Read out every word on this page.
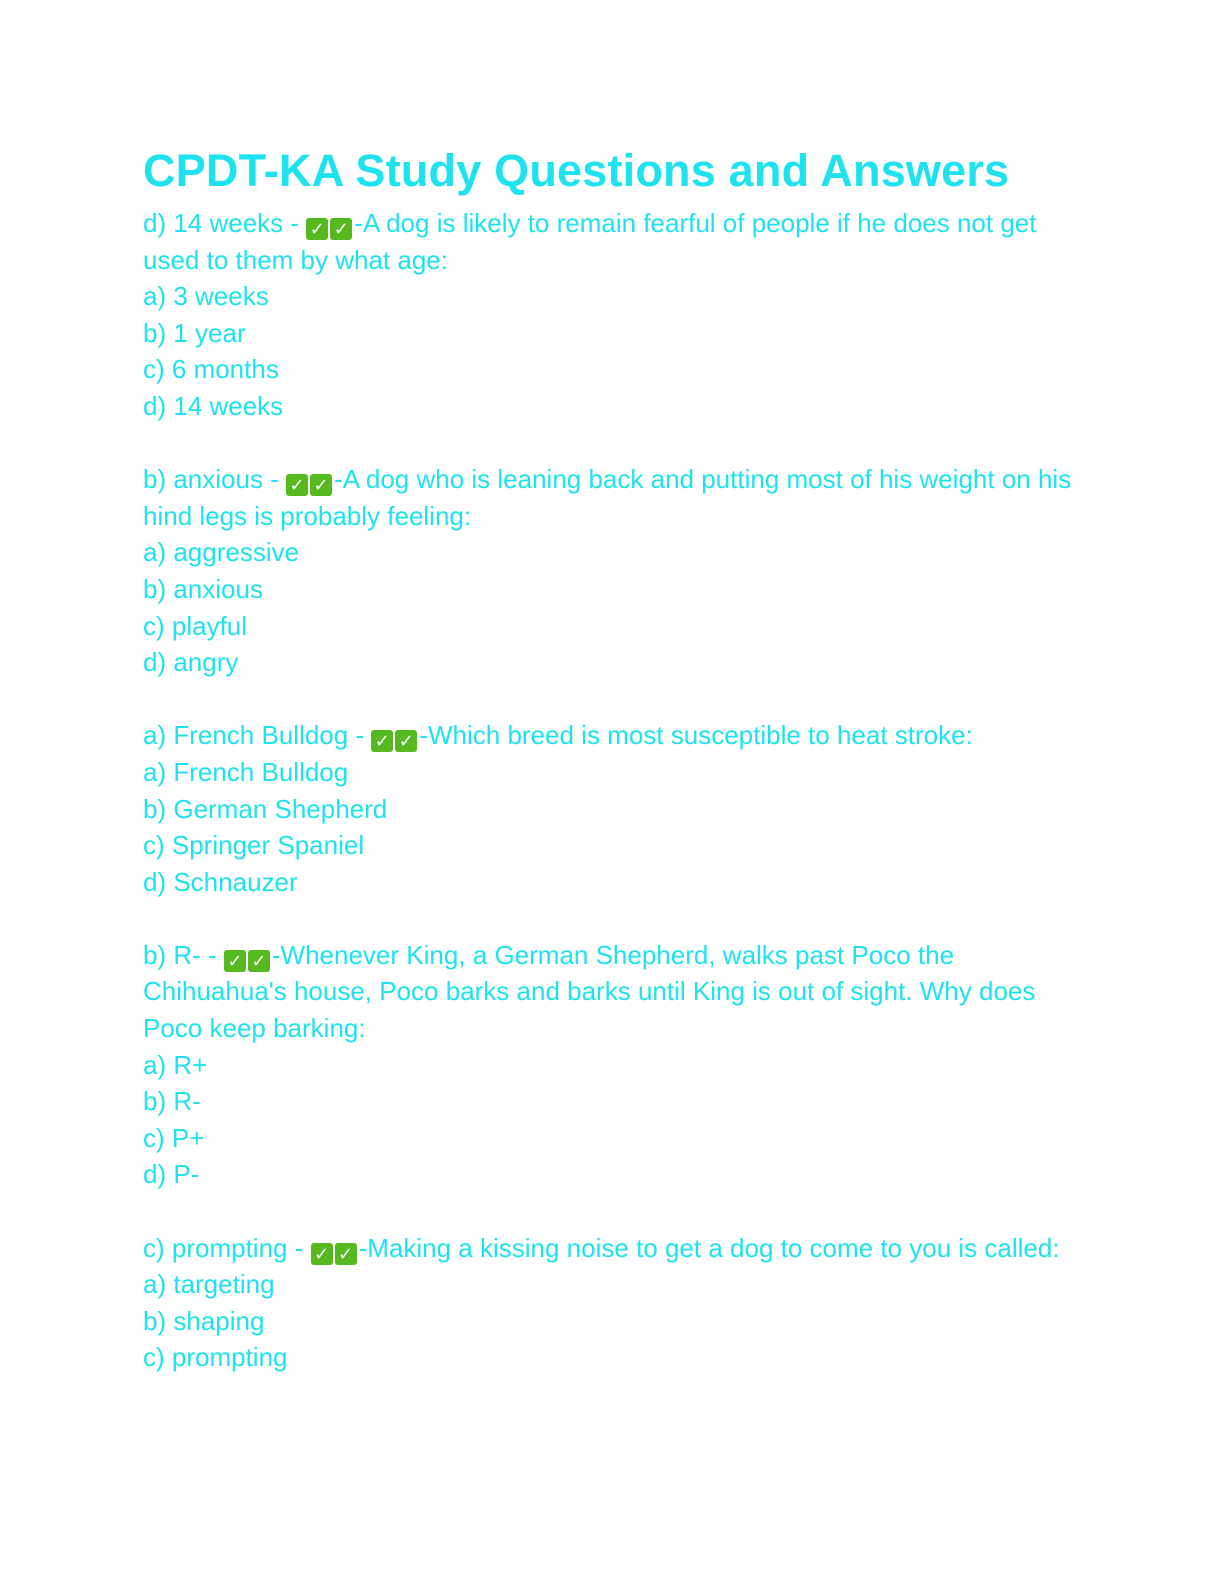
CPDT-KA Study Questions and Answers
d) 14 weeks - ✓ ✓ -A dog is likely to remain fearful of people if he does not get used to them by what age:
a) 3 weeks
b) 1 year
c) 6 months
d) 14 weeks
b) anxious - ✓ ✓ -A dog who is leaning back and putting most of his weight on his hind legs is probably feeling:
a) aggressive
b) anxious
c) playful
d) angry
a) French Bulldog - ✓ ✓ -Which breed is most susceptible to heat stroke:
a) French Bulldog
b) German Shepherd
c) Springer Spaniel
d) Schnauzer
b) R- - ✓ ✓ -Whenever King, a German Shepherd, walks past Poco the Chihuahua's house, Poco barks and barks until King is out of sight. Why does Poco keep barking:
a) R+
b) R-
c) P+
d) P-
c) prompting - ✓ ✓ -Making a kissing noise to get a dog to come to you is called:
a) targeting
b) shaping
c) prompting
